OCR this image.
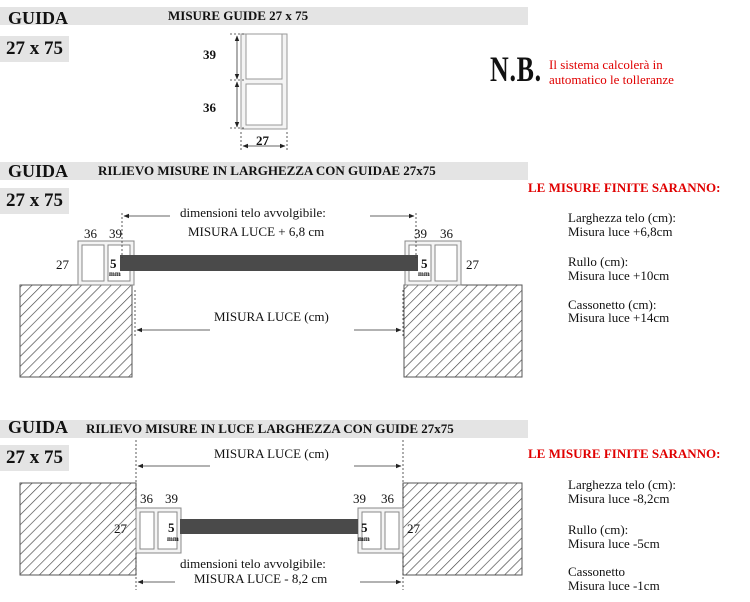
GUIDA
27 x 75
MISURE GUIDE 27 x 75
39
36
27
N.B. Il sistema calcolerà in
automatico le tolleranze
GUIDA
27 x 75
RILIEVO MISURE IN LARGHEZZA CON GUIDAE 27x75
36 39
27	5
mm
39 36
27
5
mm
dimensioni telo avvolgibile:
MISURA LUCE + 6,8 cm
MISURA LUCE (cm)
LE MISURE FINITE SARANNO:
Larghezza telo (cm):
Misura luce +6,8cm
Rullo (cm):
Misura luce +10cm
Cassonetto (cm):
Misura luce +14cm
GUIDA
27 x 75
RILIEVO MISURE IN LUCE LARGHEZZA CON GUIDE 27x75
MISURA LUCE (cm)
36 39
27	5
mm
39 36
27
5
mm
dimensioni telo avvolgibile:
MISURA LUCE - 8,2 cm
LE MISURE FINITE SARANNO:
Larghezza telo (cm):
Misura luce -8,2cm
Rullo (cm):
Misura luce -5cm
Cassonetto
Misura luce -1cm
